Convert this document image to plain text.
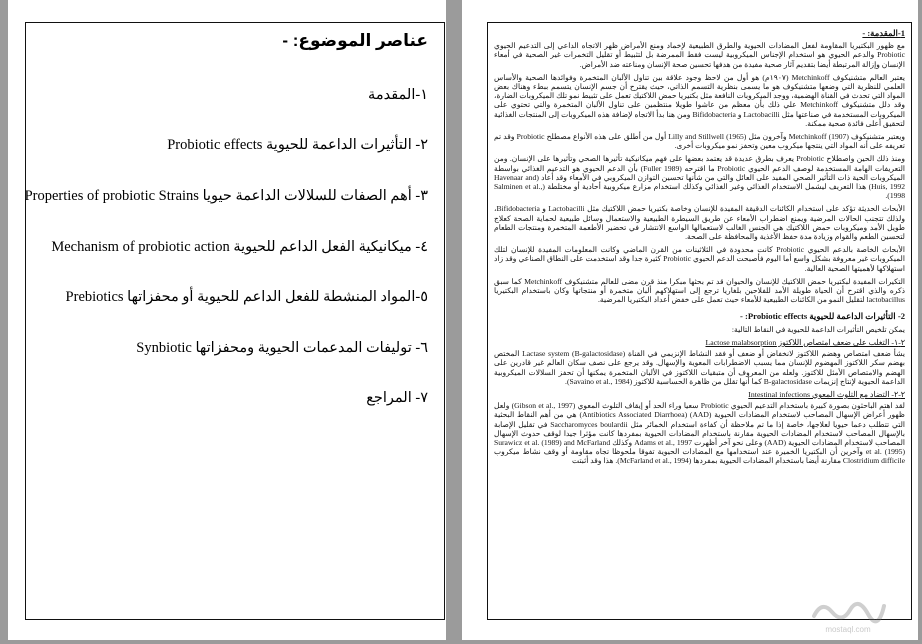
عناصر الموضوع: -
١-المقدمة
٢- التأثيرات الداعمة للحيوية Probiotic effects
٣- أهم الصفات للسلالات الداعمة حيويا Properties of probiotic Strains
٤- ميكانيكية الفعل الداعم للحيوية Mechanism of probiotic action
٥-المواد المنشطة للفعل الداعم للحيوية أو محفزاتها Prebiotics
٦- توليفات المدعمات الحيوية ومحفزاتها Synbiotic
٧- المراجع
1-المقدمة: -

مع ظهور البكتيريا المقاومة لفعل المضادات الحيوية والطرق الطبيعية لإخماد ومنع الأمراض ظهر الاتجاه الداعي إلى التدعيم الحيوي Probiotic والدعم الحيوي هو استخدام الإجناس الميكروبية ليست فقط الممرضة بل لتثبيط أو تقليل التخمرات غير الصحية في أمعاء الإنسان وإزالة المرتبطة أيضا بتقديم آثار صحية مفيدة من هدفها تحسين صحة الإنسان ومناعته ضد الأمراض.

يعتبر العالم متشنيكوف Metchinkoff (١٩٠٧م) هو أول من لاحظ وجود علاقة بين تناول الألبان المتخمرة وفوائدها الصحية والأساس العلمي للنظرية التي وضعها متشنيكوف هو ما يسمى بنظرية التسمم الذاتي، حيث يقترح أن جسم الإنسان يتسمم ببطء وهناك بعض المواد التي تحدث في القناة الهضمية، ووجد الميكروبات النافعة مثل بكتيريا حمض اللاكتيك تعمل على تثبيط نمو تلك الميكروبات الضارة، وقد دلل متشنيكوف Metchinkoff علي ذلك بأن معظم من عاشوا طويلا منتظمين على تناول الألبان المتخمرة والتي تحتوي على الميكروبات المستخدمة في صناعتها مثل Lactobacilli و Bifidobacteria ومن هنا بدأ الاتجاه لإضافة هذه الميكروبات إلى المنتجات الغذائية لتحقيق أعلى فائدة صحية ممكنة.

ويعتبر متشنيكوف (1907) Metchinkoff وآخرون مثل Lilly and Stillwell (1965) أول من أطلق على هذه الأنواع مصطلح Probiotic وقد تم تعريفه على أنه المواد التي ينتجها ميكروب معين وتحفز نمو ميكروبات أخرى.

ومنذ ذلك الحين واصطلاح Probiotic يعرف بطرق عديدة قد يعتمد بعضها على فهم ميكانيكية تأثيرها الصحي وتأثيرها على الإنسان. ومن التعريفات الهامة المستخدمة لوصف الدعم الحيوي Probiotic ما اقترحه (Fuller 1989) بأن الدعم الحيوي هو التدعيم الغذائي بواسطة الميكروبات الحية ذات التأثير الصحي المفيد على العائل والتي من شأنها تحسين التوازن الميكروبي في الأمعاء وقد أعاد (Havenaar and Huis, 1992) هذا التعريف ليشمل الاستخدام الغذائي وغير الغذائي وكذلك استخدام مزارع ميكروبية أحادية أو مختلطة (Salminen et al., 1998).

الأبحاث الحديثة تؤكد على استخدام الكائنات الدقيقة المفيدة للإنسان وخاصة بكتيريا حمض اللاكتيك مثل Lactobacilli و Bifidobacteria، ولذلك تتجنب الحالات المرضية ويمنع اضطراب الأمعاء عن طريق السيطرة الطبيعية والاستعمال وسائل طبيعية لحماية الصحة كعلاج طويل الأمد وميكروبات حمض اللاكتيك هي الجنس الغالب لاستعمالها الواسع الانتشار في تحضير الأطعمة المتخمرة ومنتجات الطعام لتحسين الطعم والقوام وزيادة مدة حفظ الأغذية والمحافظة على الصحة.

الأبحاث الخاصة بالدعم الحيوي Probiotic كانت محدودة في الثلاثينات من القرن الماضي وكانت المعلومات المفيدة للإنسان لتلك الميكروبات غير معروفة بشكل واسع أما اليوم فأصبحت الدعم الحيوي Probiotic كثيرة جدا وقد استخدمت على النطاق الصناعي وقد زاد استهلاكها لأهميتها الصحية العالية.

التكيرات المفيدة لبكتيريا حمض اللاكتيك للإنسان والحيوان قد تم بحثها مبكرا منذ قرن مضى للعالم متشنيكوف Metchinkoff كما سبق ذكره والذي اقترح أن الحياة طويلة الأمد للفلاحين بلغاريا ترجع إلى استهلاكهم ألبان متخمرة أو منتجاتها وكان باستخدام البكتيريا lactobacillus لتقليل النمو من الكائنات الطبيعية للأمعاء حيث تعمل على خفض أعداد البكتيريا المرضية.

2- التأثيرات الداعمة للحيوية Probiotic effects: -

يمكن تلخيص التأثيرات الداعمة للحيوية في النقاط التالية:

٢-١- التغلب على ضعف امتصاص اللاكتوز Lactose malabsorption

يشأ ضعف امتصاص وهضم اللاكتوز لانخفاض أو ضعف أو فقد النشاط الإنزيمي في القناة (Lactase system (B-galactosidase المختص بهضم سكر اللاكتوز المهضوم للإنسان مما يسبب الاضطرابات المعوية والإسهال. وقد يرجع على نصف سكان العالم غير قادرين على الهضم والامتصاص الأمثل للاكتوز. ولعله من المعروف أن متبقيات اللاكتوز في الألبان المتخمرة يمكنها أن تحفز السلالات الميكروبية الداعمة الحيوية لإنتاج إنزيمات B-galactosidase كما أنها تقلل من ظاهرة الحساسية للاكتوز (Savaino et al., 1984).

٢-٢- التضاد مع التلوث المعوي Intestinal infections

لقد اهتم الباحثون بصورة كبيرة باستخدام التدعيم الحيوي Probiotic سعيا وراء الحد أو إيقاف التلوث المعوي (Gibson et al., 1997) ولعل ظهور أعراض الإسهال المصاحب لاستخدام المضادات الحيوية (AAD) (Antibiotics Associated Diarrhoea) هي من أهم النقاط البحثية التي تتطلب دعما حيويا لعلاجها، خاصة إذا ما تم ملاحظة أن كفاءة استخدام الخمائر مثل Saccharomyces boulardii في تقليل الإصابة بالإسهال المصاحب لاستخدام المضادات الحيوية مقارنة باستخدام المضادات الحيوية بمفردها كانت مؤثرا جيدا لوقف حدوث الإسهال المصاحب لاستخدام المضادات الحيوية (AAD) وعلى نحو آخر أظهرت Adams et al., 1997 وكذلك Surawicz et al. (1989) and McFarland et al. (1995) وآخرين أن البكتيريا الخميرة عند استخدامها مع المضادات الحيوية تفوقا ملحوظا تجاه مقاومة أو وقف نشاط ميكروب Clostridium difficile مقارنة أيضا باستخدام المضادات الحيوية بمفردها (McFarland et al., 1994). هذا وقد أثبتت

mostaql.com
